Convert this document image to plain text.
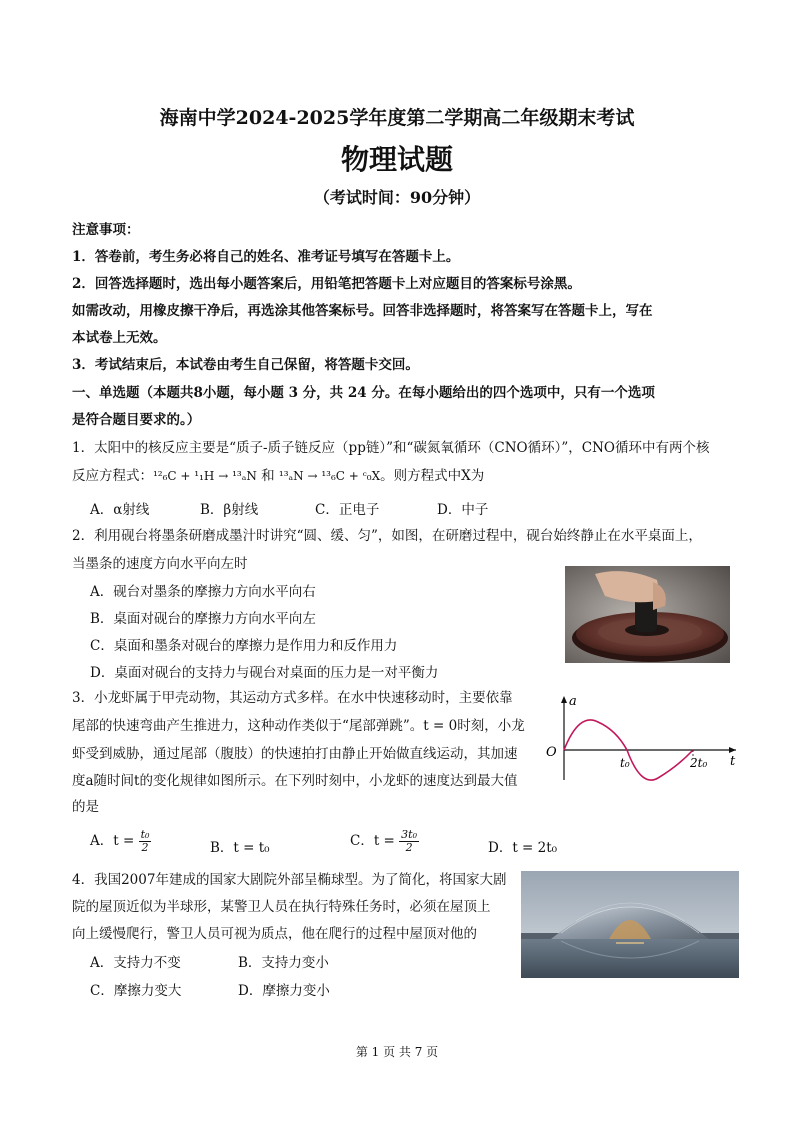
海南中学2024-2025学年度第二学期高二年级期末考试
物理试题
（考试时间：90分钟）
注意事项：
1．答卷前，考生务必将自己的姓名、准考证号填写在答题卡上。
2．回答选择题时，选出每小题答案后，用铅笔把答题卡上对应题目的答案标号涂黑。
如需改动，用橡皮擦干净后，再选涂其他答案标号。回答非选择题时，将答案写在答题卡上，写在
本试卷上无效。
3．考试结束后，本试卷由考生自己保留，将答题卡交回。
一、单选题（本题共8小题，每小题 3 分，共 24 分。在每小题给出的四个选项中，只有一个选项
是符合题目要求的。）
1．太阳中的核反应主要是“质子-质子链反应（pp链）”和“碳氮氧循环（CNO循环）”，CNO循环中有两个核
反应方程式：¹²₆C + ¹₁H → ¹³ₐN 和 ¹³ₐN → ¹³₆C + ᶜ₀X。则方程式中X为
A．α射线	B．β射线	C．正电子	D．中子
2．利用砚台将墨条研磨成墨汁时讲究“圆、缓、匀”，如图，在研磨过程中，砚台始终静止在水平桌面上，
当墨条的速度方向水平向左时
A．砚台对墨条的摩擦力方向水平向右
B．桌面对砚台的摩擦力方向水平向左
C．桌面和墨条对砚台的摩擦力是作用力和反作用力
D．桌面对砚台的支持力与砚台对桌面的压力是一对平衡力
3．小龙虾属于甲壳动物，其运动方式多样。在水中快速移动时，主要依靠
尾部的快速弯曲产生推进力，这种动作类似于“尾部弹跳”。t = 0时刻，小龙
虾受到威胁，通过尾部（腹肢）的快速拍打由静止开始做直线运动，其加速
度a随时间t的变化规律如图所示。在下列时刻中，小龙虾的速度达到最大值
的是
a
t
O
t₀	2t₀
A．$t = \frac{\text{t₀}}{2}$	B．t = t₀	C．$t = \frac{\text{3t₀}}{2}$	D．t = 2t₀
4．我国2007年建成的国家大剧院外部呈椭球型。为了简化，将国家大剧
院的屋顶近似为半球形，某警卫人员在执行特殊任务时，必须在屋顶上
向上缓慢爬行，警卫人员可视为质点，他在爬行的过程中屋顶对他的
A．支持力不变	B．支持力变小
C．摩擦力变大	D．摩擦力变小
第 1 页 共 7 页
